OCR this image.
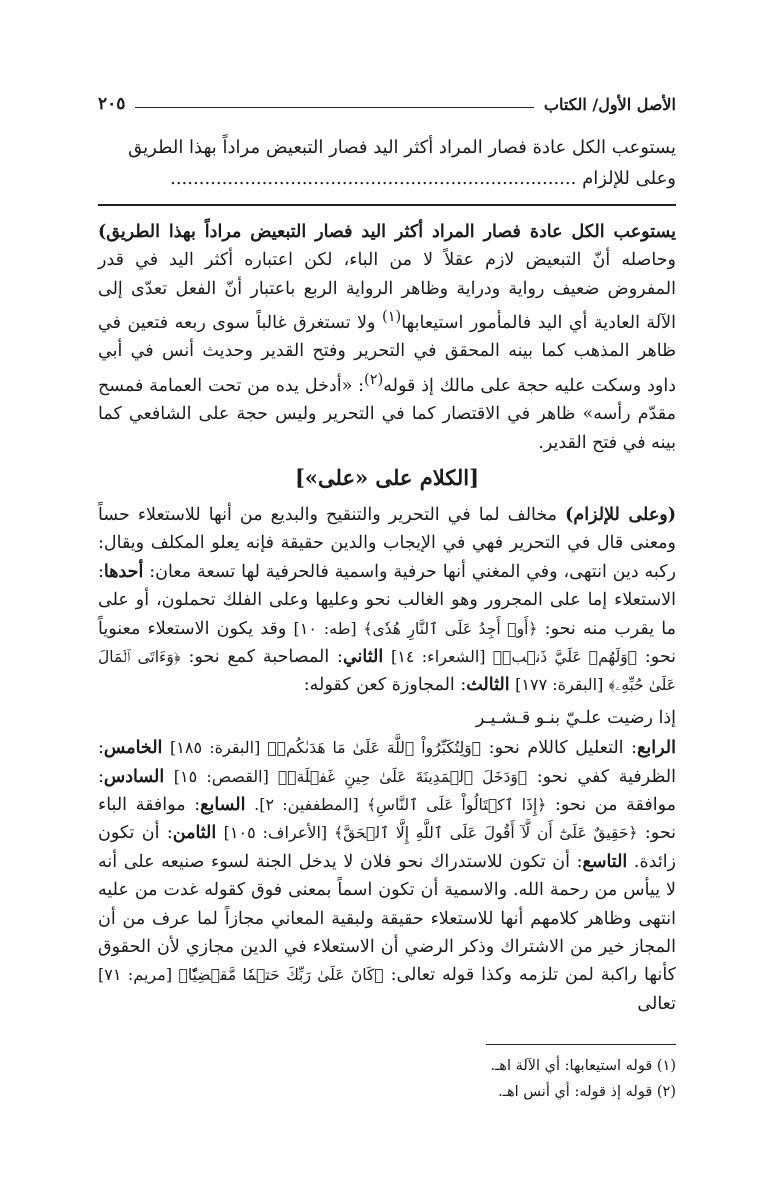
الأصل الأول/ الكتاب
٢٠٥
يستوعب الكل عادة فصار المراد أكثر اليد فصار التبعيض مراداً بهذا الطريق
وعلى للإلزام .......................................................................
يستوعب الكل عادة فصار المراد أكثر اليد فصار التبعيض مراداً بهذا الطريق) وحاصله أنّ التبعيض لازم عقلاً لا من الباء، لكن اعتباره أكثر اليد في قدر المفروض ضعيف رواية ودراية وظاهر الرواية الربع باعتبار أنّ الفعل تعدّى إلى الآلة العادية أي اليد فالمأمور استيعابها$^{(١)}$ ولا تستغرق غالباً سوى ربعه فتعين في ظاهر المذهب كما بينه المحقق في التحرير وفتح القدير وحديث أنس في أبي داود وسكت عليه حجة على مالك إذ قوله$^{(٢)}$: «أدخل يده من تحت العمامة فمسح مقدّم رأسه» ظاهر في الاقتصار كما في التحرير وليس حجة على الشافعي كما بينه في فتح القدير.
[الكلام على «على»]
(وعلى للإلزام) مخالف لما في التحرير والتنقيح والبديع من أنها للاستعلاء حساً ومعنى قال في التحرير فهي في الإيجاب والدين حقيقة فإنه يعلو المكلف ويقال: ركبه دين انتهى، وفي المغني أنها حرفية واسمية فالحرفية لها تسعة معان: أحدها: الاستعلاء إما على المجرور وهو الغالب نحو وعليها وعلى الفلك تحملون، أو على ما يقرب منه نحو: ﴿أَوۡ أَجِدُ عَلَى ٱلنَّارِ هُدٗى﴾ [طه: ١٠] وقد يكون الاستعلاء معنوياً نحو: ﴿وَلَهُمۡ عَلَيَّ ذَنۢبٞ﴾ [الشعراء: ١٤] الثاني: المصاحبة كمع نحو: ﴿وَءَاتَى ٱلۡمَالَ عَلَىٰ حُبِّهِۦ﴾ [البقرة: ١٧٧] الثالث: المجاوزة كعن كقوله:
إذا رضيت علـيّ بنـو قـشـيـر
الرابع: التعليل كاللام نحو: ﴿وَلِتُكَبِّرُواْ ٱللَّهَ عَلَىٰ مَا هَدَىٰكُمۡ﴾ [البقرة: ١٨٥] الخامس: الظرفية كفي نحو: ﴿وَدَخَلَ ٱلۡمَدِينَةَ عَلَىٰ حِينِ غَفۡلَةٖ﴾ [القصص: ١٥] السادس: موافقة من نحو: ﴿إِذَا ٱكۡتَالُواْ عَلَى ٱلنَّاسِ﴾ [المطففين: ٢]. السابع: موافقة الباء نحو: ﴿حَقِيقٌ عَلَىٰٓ أَن لَّآ أَقُولَ عَلَى ٱللَّهِ إِلَّا ٱلۡحَقَّ﴾ [الأعراف: ١٠٥] الثامن: أن تكون زائدة. التاسع: أن تكون للاستدراك نحو فلان لا يدخل الجنة لسوء صنيعه على أنه لا ييأس من رحمة الله. والاسمية أن تكون اسماً بمعنى فوق كقوله غدت من عليه انتهى وظاهر كلامهم أنها للاستعلاء حقيقة ولبقية المعاني مجازاً لما عرف من أن المجاز خير من الاشتراك وذكر الرضي أن الاستعلاء في الدين مجازي لأن الحقوق كأنها راكبة لمن تلزمه وكذا قوله تعالى: ﴿كَانَ عَلَىٰ رَبِّكَ حَتۡمٗا مَّقۡضِيّٗا﴾ [مريم: ٧١] تعالى
(١) قوله استيعابها: أي الآلة اهـ.
(٢) قوله إذ قوله: أي أنس اهـ.
